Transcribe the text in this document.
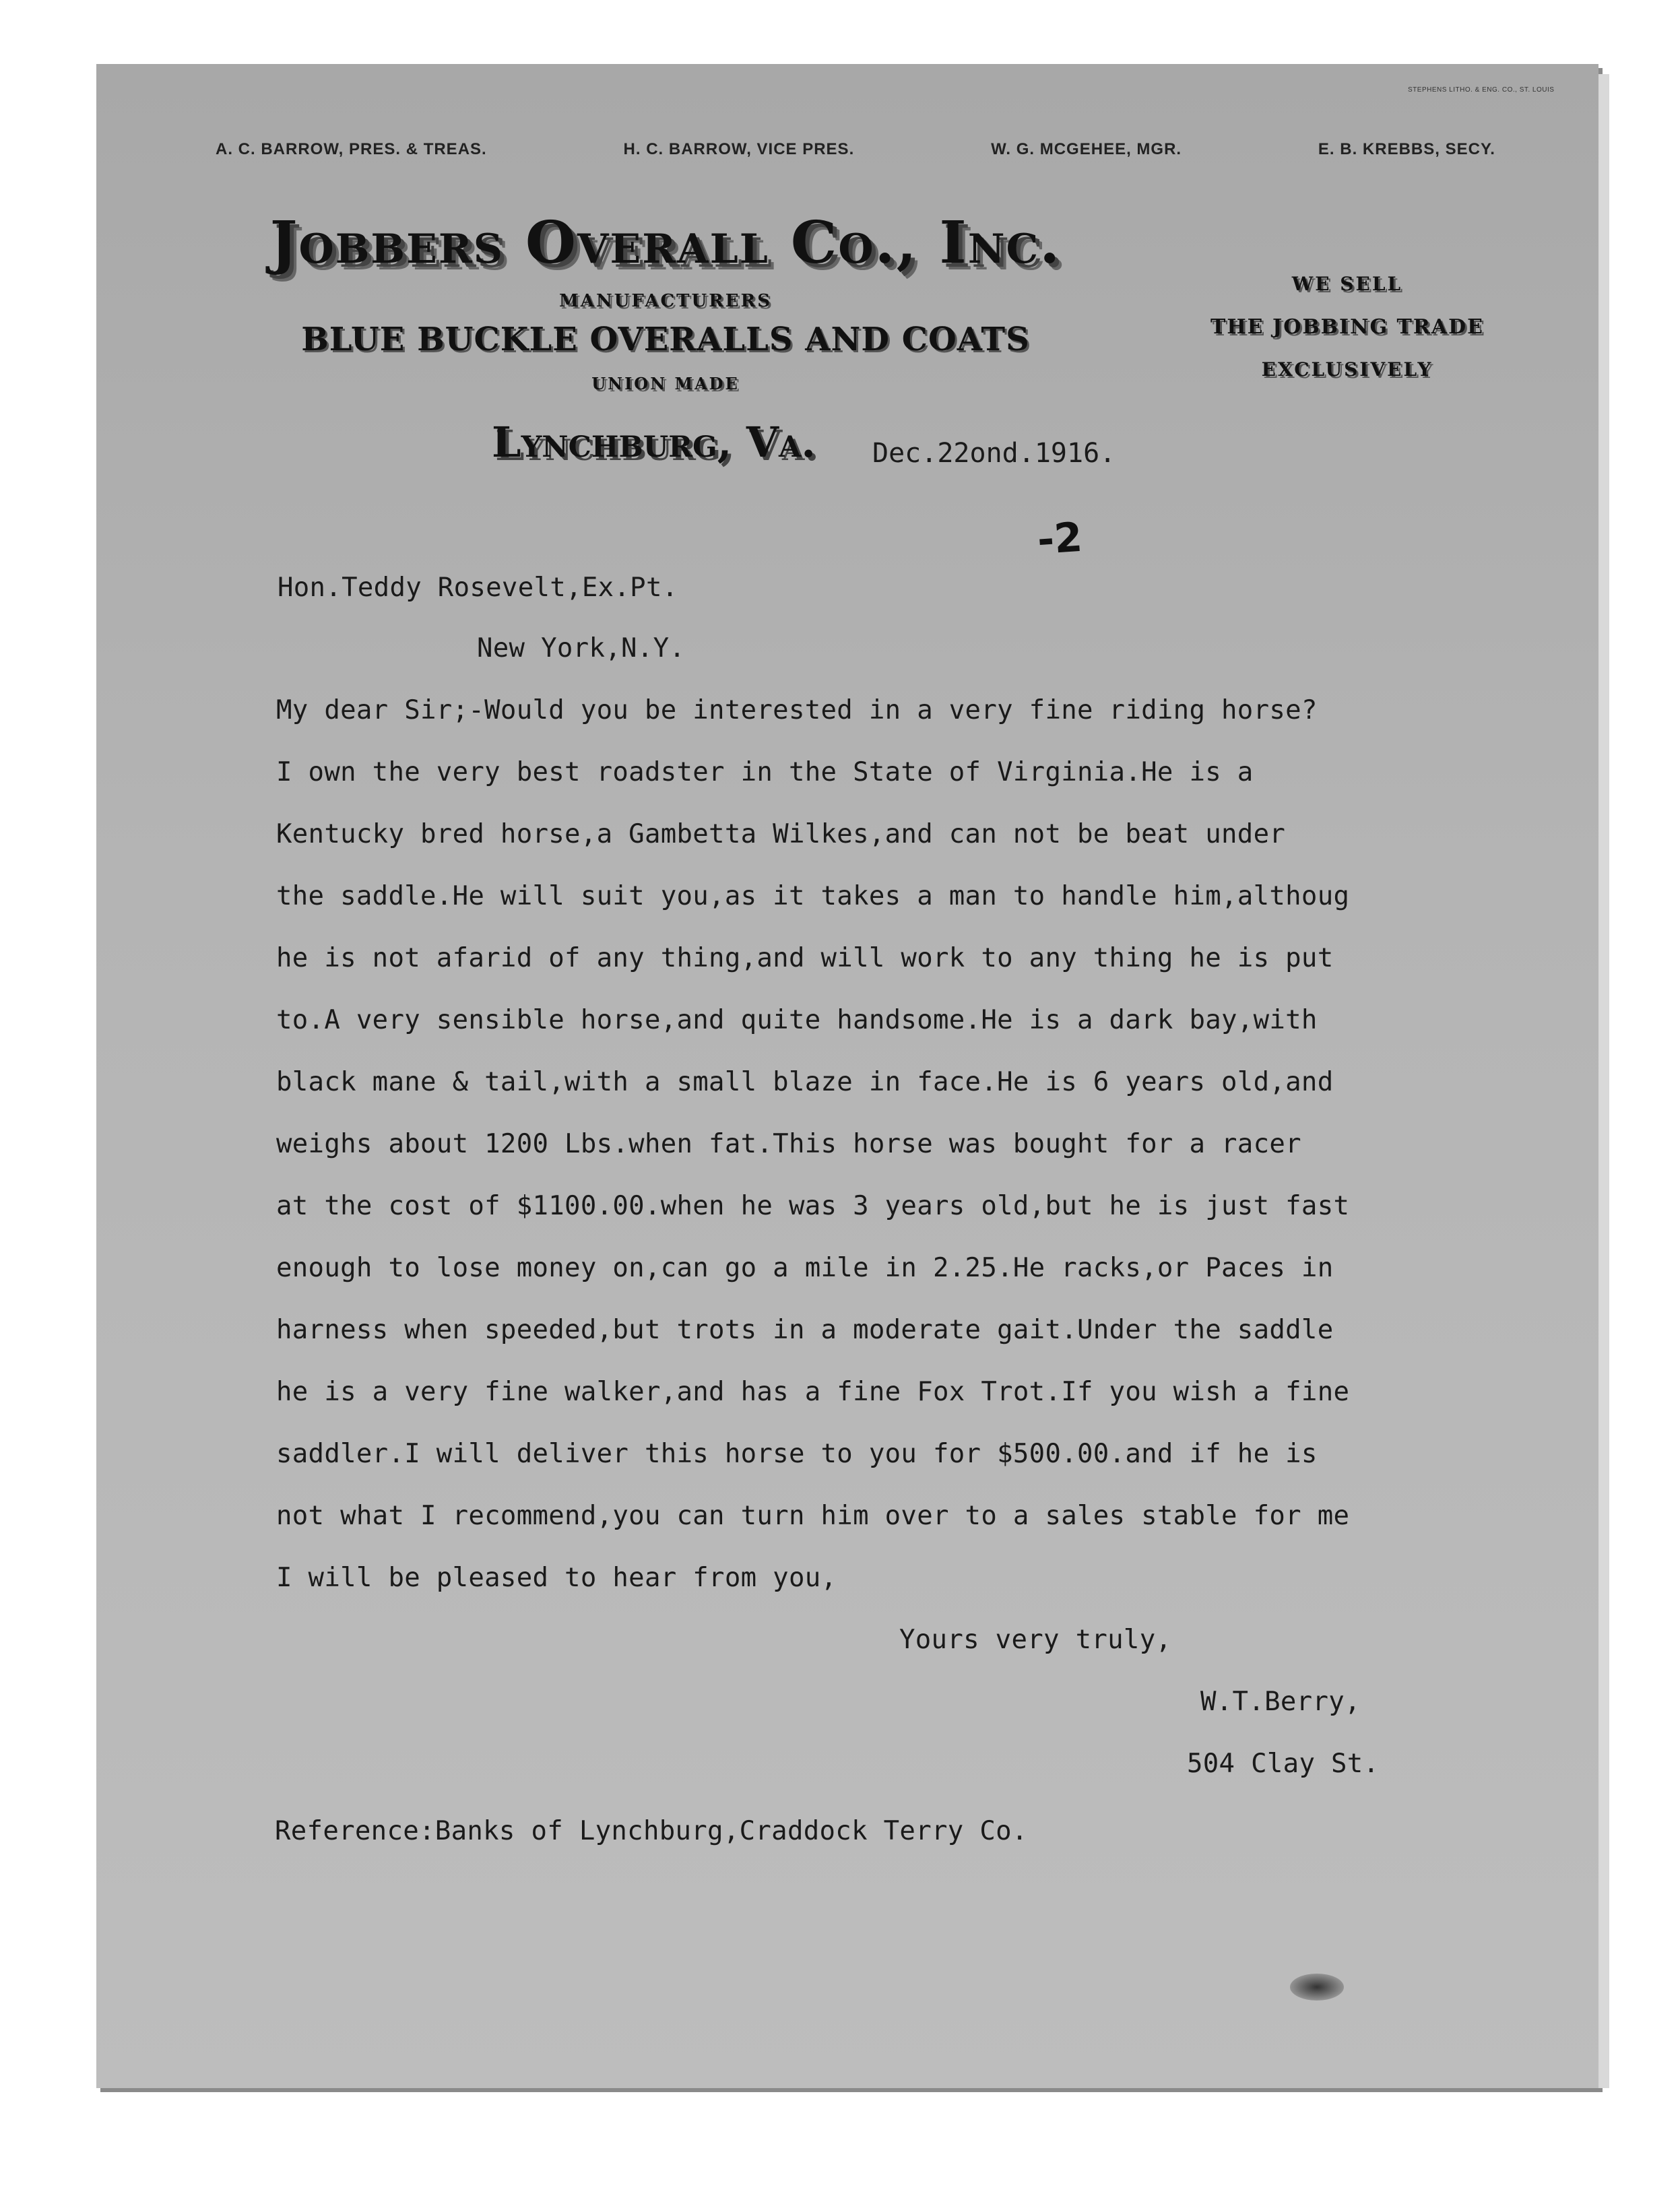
STEPHENS LITHO. & ENG. CO., ST. LOUIS
A. C. BARROW, PRES. & TREAS.	H. C. BARROW, VICE PRES.	W. G. MCGEHEE, MGR.	E. B. KREBBS, SECY.
Jobbers Overall Co., Inc.
MANUFACTURERS
BLUE BUCKLE OVERALLS AND COATS
UNION MADE
WE SELL
THE JOBBING TRADE
EXCLUSIVELY
Lynchburg, Va. Dec.22ond.1916.
-2
Hon.Teddy Rosevelt,Ex.Pt.
New York,N.Y.
My dear Sir;-Would you be interested in a very fine riding horse?
I own the very best roadster in the State of Virginia.He is a
Kentucky bred horse,a Gambetta Wilkes,and can not be beat under
the saddle.He will suit you,as it takes a man to handle him,althoug
he is not afarid of any thing,and will work to any thing he is put
to.A very sensible horse,and quite handsome.He is a dark bay,with
black mane & tail,with a small blaze in face.He is 6 years old,and
weighs about 1200 Lbs.when fat.This horse was bought for a racer
at the cost of $1100.00.when he was 3 years old,but he is just fast
enough to lose money on,can go a mile in 2.25.He racks,or Paces in
harness when speeded,but trots in a moderate gait.Under the saddle
he is a very fine walker,and has a fine Fox Trot.If you wish a fine
saddler.I will deliver this horse to you for $500.00.and if he is
not what I recommend,you can turn him over to a sales stable for me
I will be pleased to hear from you,
Yours very truly,
W.T.Berry,
504 Clay St.
Reference:Banks of Lynchburg,Craddock Terry Co.
